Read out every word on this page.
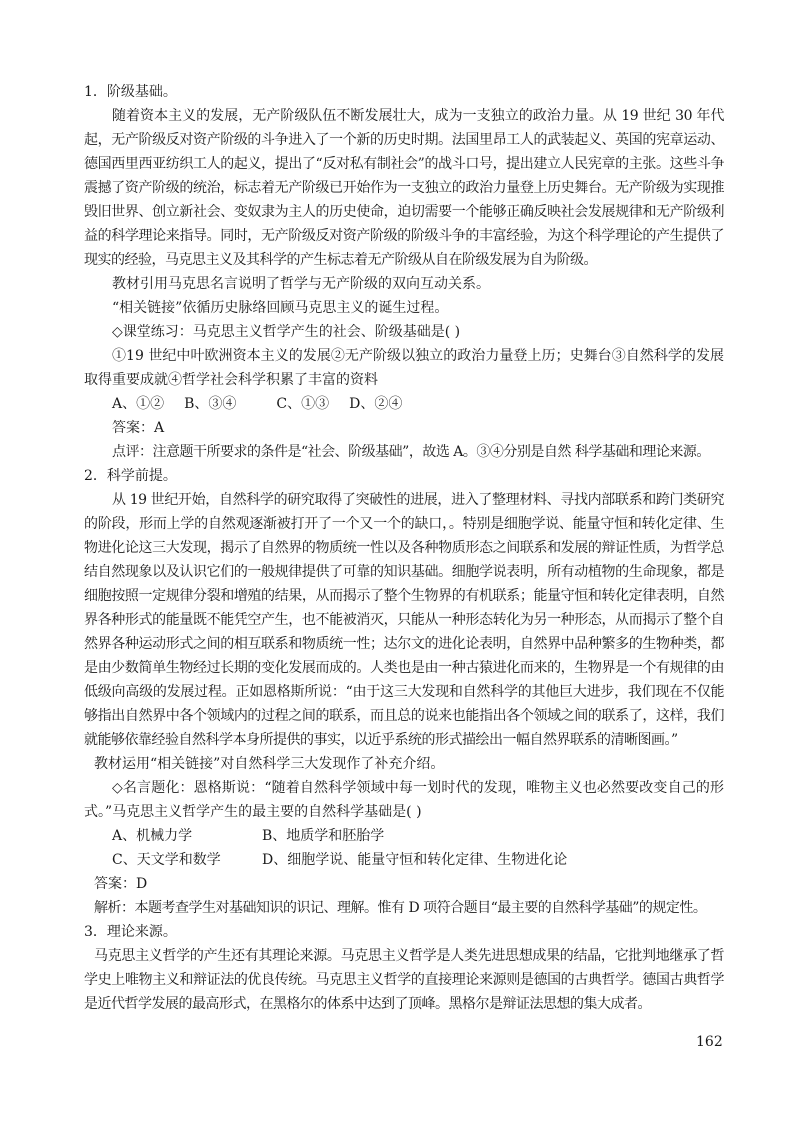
1．阶级基础。

随着资本主义的发展，无产阶级队伍不断发展壮大，成为一支独立的政治力量。从 19 世纪 30 年代起，无产阶级反对资产阶级的斗争进入了一个新的历史时期。法国里昂工人的武装起义、英国的宪章运动、德国西里西亚纺织工人的起义，提出了“反对私有制社会”的战斗口号，提出建立人民宪章的主张。这些斗争震撼了资产阶级的统治，标志着无产阶级已开始作为一支独立的政治力量登上历史舞台。无产阶级为实现推毁旧世界、创立新社会、变奴隶为主人的历史使命，迫切需要一个能够正确反映社会发展规律和无产阶级利益的科学理论来指导。同时，无产阶级反对资产阶级的阶级斗争的丰富经验，为这个科学理论的产生提供了现实的经验，马克思主义及其科学的产生标志着无产阶级从自在阶级发展为自为阶级。

教材引用马克思名言说明了哲学与无产阶级的双向互动关系。

“相关链接”依循历史脉络回顾马克思主义的诞生过程。

◇课堂练习：马克思主义哲学产生的社会、阶级基础是( )

①19 世纪中叶欧洲资本主义的发展②无产阶级以独立的政治力量登上历；史舞台③自然科学的发展取得重要成就④哲学社会科学积累了丰富的资料

A、①② B、③④	C、①③ D、②④

答案：A

点评：注意题干所要求的条件是“社会、阶级基础”，故选 A。③④分别是自然 科学基础和理论来源。

2．科学前提。

从 19 世纪开始，自然科学的研究取得了突破性的进展，进入了整理材料、寻找内部联系和跨门类研究的阶段，形而上学的自然观逐渐被打开了一个又一个的缺口，。特别是细胞学说、能量守恒和转化定律、生物进化论这三大发现，揭示了自然界的物质统一性以及各种物质形态之间联系和发展的辩证性质，为哲学总结自然现象以及认识它们的一般规律提供了可靠的知识基础。细胞学说表明，所有动植物的生命现象，都是细胞按照一定规律分裂和增殖的结果，从而揭示了整个生物界的有机联系；能量守恒和转化定律表明，自然界各种形式的能量既不能凭空产生，也不能被消灭，只能从一种形态转化为另一种形态，从而揭示了整个自然界各种运动形式之间的相互联系和物质统一性；达尔文的进化论表明，自然界中品种繁多的生物种类，都是由少数简单生物经过长期的变化发展而成的。人类也是由一种古猿进化而来的，生物界是一个有规律的由低级向高级的发展过程。正如恩格斯所说：“由于这三大发现和自然科学的其他巨大进步，我们现在不仅能够指出自然界中各个领域内的过程之间的联系，而且总的说来也能指出各个领域之间的联系了，这样，我们就能够依靠经验自然科学本身所提供的事实，以近乎系统的形式描绘出一幅自然界联系的清晰图画。”

教材运用“相关链接”对自然科学三大发现作了补充介绍。

◇名言题化：恩格斯说：“随着自然科学领域中每一划时代的发现，唯物主义也必然要改变自己的形式。”马克思主义哲学产生的最主要的自然科学基础是( )

A、机械力学	B、地质学和胚胎学
C、天文学和数学	D、细胞学说、能量守恒和转化定律、生物进化论

答案：D

解析：本题考查学生对基础知识的识记、理解。惟有 D 项符合题目“最主要的自然科学基础”的规定性。

3．理论来源。

马克思主义哲学的产生还有其理论来源。马克思主义哲学是人类先进思想成果的结晶，它批判地继承了哲学史上唯物主义和辩证法的优良传统。马克思主义哲学的直接理论来源则是德国的古典哲学。德国古典哲学是近代哲学发展的最高形式，在黑格尔的体系中达到了顶峰。黑格尔是辩证法思想的集大成者。

162
